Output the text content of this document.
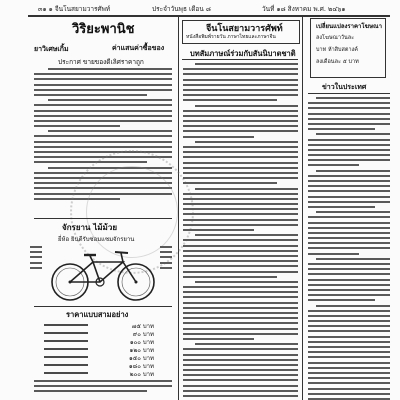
๓๑ ๑ จีนโนสยามวารศัพท์	ประจำวันพุธ เดือน ๘	วันที่ ๑๘ สิงหาคม พ.ศ. ๒๔๖๑
วิริยะพานิช
ยาวิเศษเกิ้ม	ค่าแสนค่าซื้อของ
ประกาศ ขายของดีเลิศราคาถูก
จักรยาน ไม้ม้วย
ยี่ห้อ ยินดีรับซ่อมแซมจักรยาน
ราคาแบบสามอย่าง
๗๕ บาท
๙๐ บาท
๑๐๐ บาท
๑๒๐ บาท
๑๕๐ บาท
๑๘๐ บาท
๒๐๐ บาท
จีนโนสยามวารศัพท์
หนังสือพิมพ์รายวัน ภาษาไทยและภาษาจีน
บทสัมภาษณ์ร่วมกับสันนิบาตชาติ
เปลี่ยนแปลงราคาโฆษณา
ลงโฆษณาวันละ
บาท ห้าสิบสตางค์
ลงเดือนละ ๕ บาท
ข่าวในประเทศ
